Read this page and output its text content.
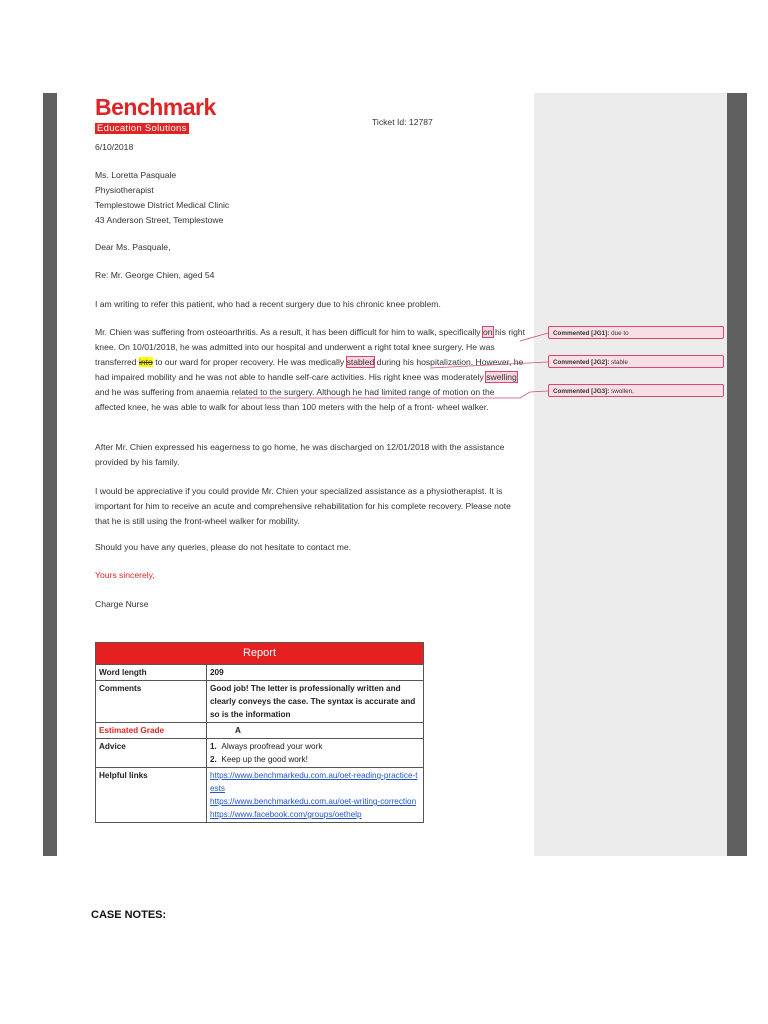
Benchmark
Education Solutions
Ticket Id: 12787
6/10/2018
Ms. Loretta Pasquale
Physiotherapist
Templestowe District Medical Clinic
43 Anderson Street, Templestowe
Dear Ms. Pasquale,
Re: Mr. George Chien, aged 54
I am writing to refer this patient, who had a recent surgery due to his chronic knee problem.
Mr. Chien was suffering from osteoarthritis. As a result, it has been difficult for him to walk, specifically on his right knee. On 10/01/2018, he was admitted into our hospital and underwent a right total knee surgery. He was transferred into to our ward for proper recovery. He was medically stabled during his hospitalization. However, he had impaired mobility and he was not able to handle self-care activities. His right knee was moderately swelling and he was suffering from anaemia related to the surgery. Although he had limited range of motion on the affected knee, he was able to walk for about less than 100 meters with the help of a front- wheel walker.
After Mr. Chien expressed his eagerness to go home, he was discharged on 12/01/2018 with the assistance provided by his family.
I would be appreciative if you could provide Mr. Chien your specialized assistance as a physiotherapist. It is important for him to receive an acute and comprehensive rehabilitation for his complete recovery. Please note that he is still using the front-wheel walker for mobility.
Should you have any queries, please do not hesitate to contact me.
Yours sincerely,
Charge Nurse
Commented [JG1]: due to
Commented [JG2]: stable
Commented [JG3]: swollen,
Report	
Word length	209
Comments	Good job! The letter is professionally written and clearly conveys the case. The syntax is accurate and so is the information
Estimated Grade	A
Advice	1. Always proofread your work
2. Keep up the good work!

Helpful links	https://www.benchmarkedu.com.au/oet-reading-practice-tests
https://www.benchmarkedu.com.au/oet-writing-correction
https://www.facebook.com/groups/oethelp
CASE NOTES:
